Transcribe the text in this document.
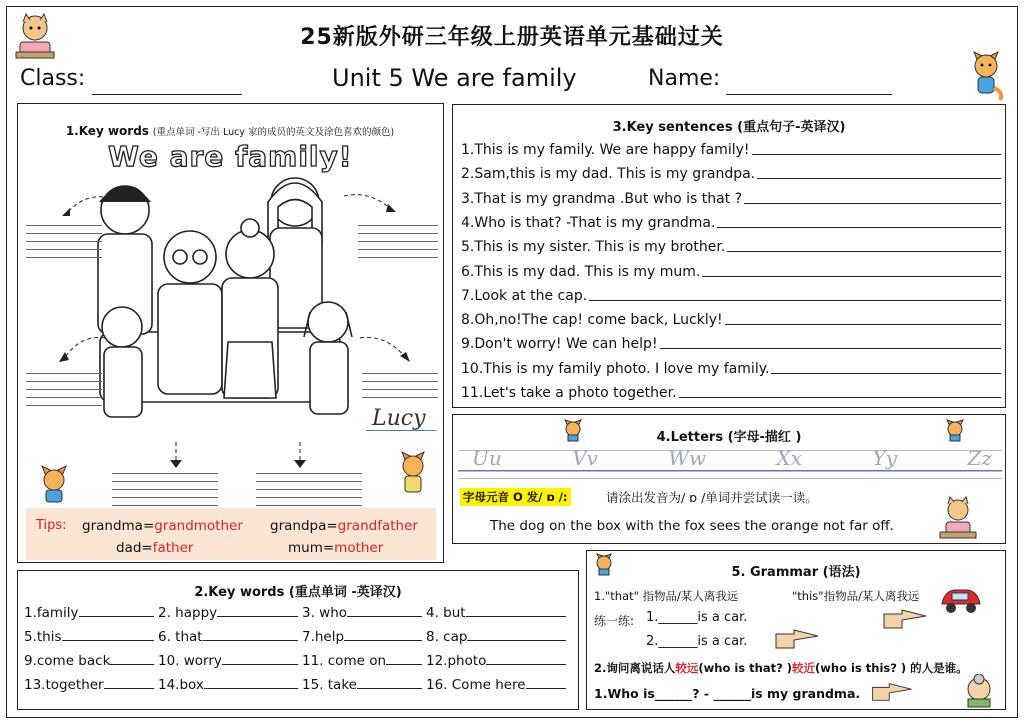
25新版外研三年级上册英语单元基础过关
Class:	Unit 5 We are family	Name:
1.Key words (重点单词 -写出 Lucy 家的成员的英文及涂色喜欢的颜色)
We are family!
Lucy
Tips: grandma=grandmother grandpa=grandfather
dad=father	mum=mother
2.Key words (重点单词 -英译汉)
1.family	2. happy	3. who	4. but
5.this	6. that	7.help	8. cap
9.come back	10. worry	11. come on	12.photo
13.together	14.box	15. take	16. Come here
3.Key sentences (重点句子-英译汉)
1.This is my family. We are happy family!
2.Sam,this is my dad. This is my grandpa.
3.That is my grandma .But who is that ?
4.Who is that? -That is my grandma.
5.This is my sister. This is my brother.
6.This is my dad. This is my mum.
7.Look at the cap.
8.Oh,no!The cap! come back, Luckly!
9.Don't worry! We can help!
10.This is my family photo. I love my family.
11.Let's take a photo together.
4.Letters (字母-描红 )
Uu	Vv	Ww	Xx	Yy	Zz
字母元音 O 发/ ɒ /:	请涂出发音为/ ɒ /单词并尝试读一读。
The dog on the box with the fox sees the orange not far off.
5. Grammar (语法)
1."that" 指物品/某人离我远	"this"指物品/某人离我远
练一练: 1.______is a car.
2.______is a car.
2.询问离说话人较远(who is that? )较近(who is this? ) 的人是谁。
1.Who is______? - ______is my grandma.
